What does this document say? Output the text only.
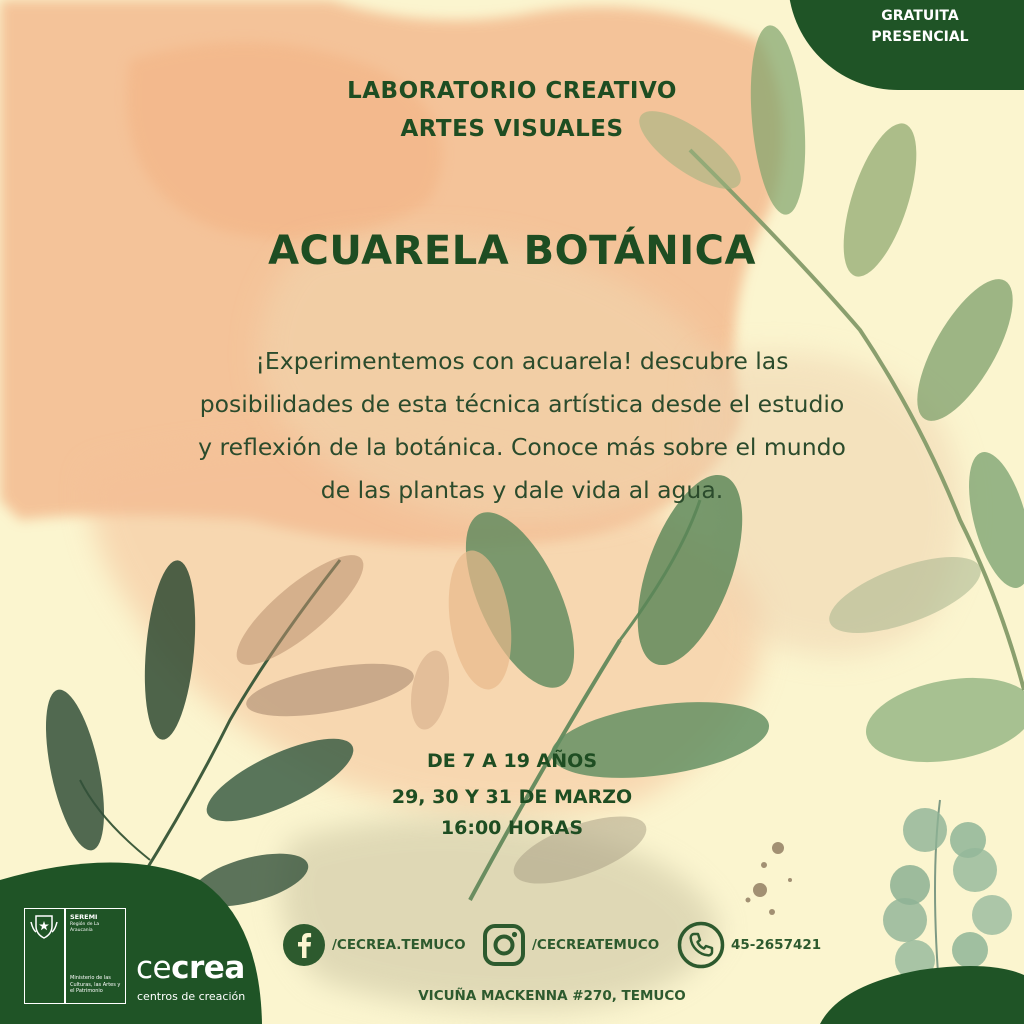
GRATUITA
PRESENCIAL
LABORATORIO CREATIVO
ARTES VISUALES
ACUARELA BOTÁNICA
¡Experimentemos con acuarela! descubre las posibilidades de esta técnica artística desde el estudio y reflexión de la botánica. Conoce más sobre el mundo de las plantas y dale vida al agua.
DE 7 A 19 AÑOS
29, 30 Y 31 DE MARZO
16:00 HORAS
/CECREA.TEMUCO	/CECREATEMUCO	45-2657421
VICUÑA MACKENNA #270, TEMUCO
SEREMI
Región de La Araucanía
Ministerio de las Culturas, las Artes y el Patrimonio
cecrea
centros de creación
